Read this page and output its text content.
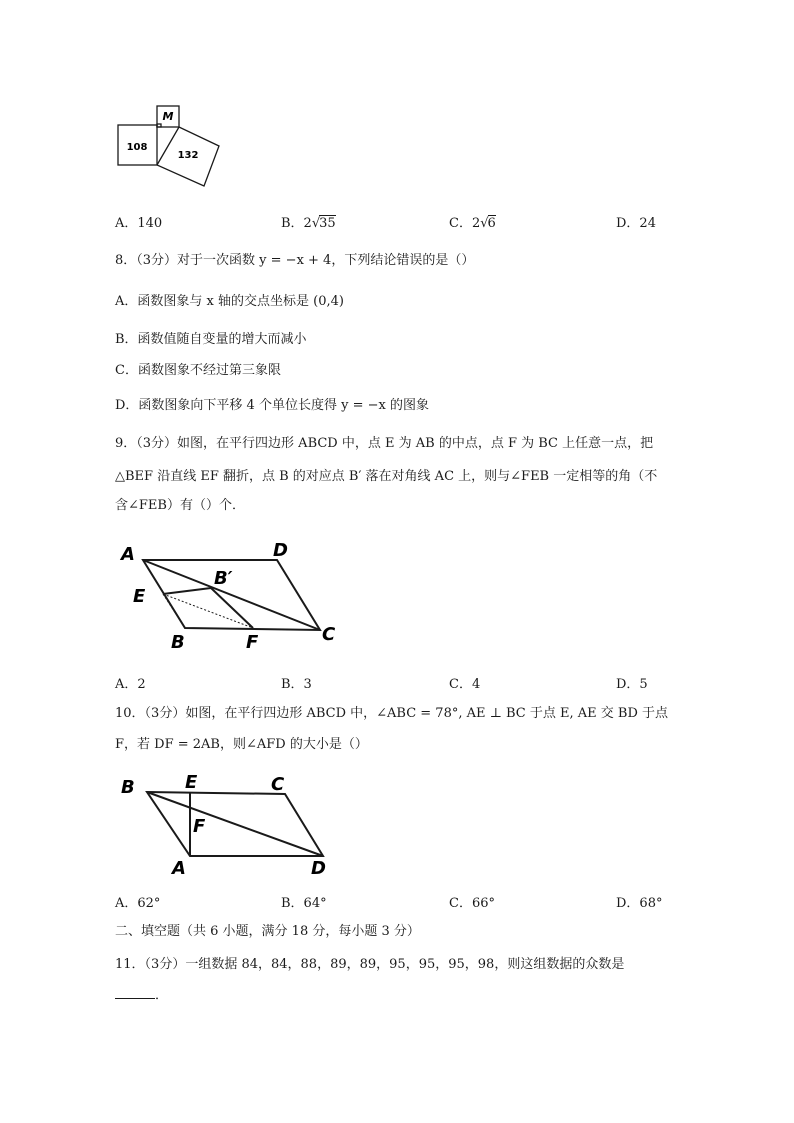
M
108
132
A．140	B．2√35	C．2√6	D．24
8．（3分）对于一次函数 y = −x + 4，下列结论错误的是（）
A．函数图象与 x 轴的交点坐标是 (0,4)
B．函数值随自变量的增大而减小
C．函数图象不经过第三象限
D．函数图象向下平移 4 个单位长度得 y = −x 的图象
9．（3分）如图，在平行四边形 ABCD 中，点 E 为 AB 的中点，点 F 为 BC 上任意一点，把
△BEF 沿直线 EF 翻折，点 B 的对应点 B′ 落在对角线 AC 上，则与∠FEB 一定相等的角（不
含∠FEB）有（）个．
A	D
E
B′
B	F	C
A．2	B．3	C．4	D．5
10．（3分）如图，在平行四边形 ABCD 中，∠ABC = 78°, AE ⊥ BC 于点 E, AE 交 BD 于点
F，若 DF = 2AB，则∠AFD 的大小是（）
B	E	C
F
A	D
A．62°	B．64°	C．66°	D．68°
二、填空题（共 6 小题，满分 18 分，每小题 3 分）
11．（3分）一组数据 84，84，88，89，89，95，95，95，98，则这组数据的众数是
．
